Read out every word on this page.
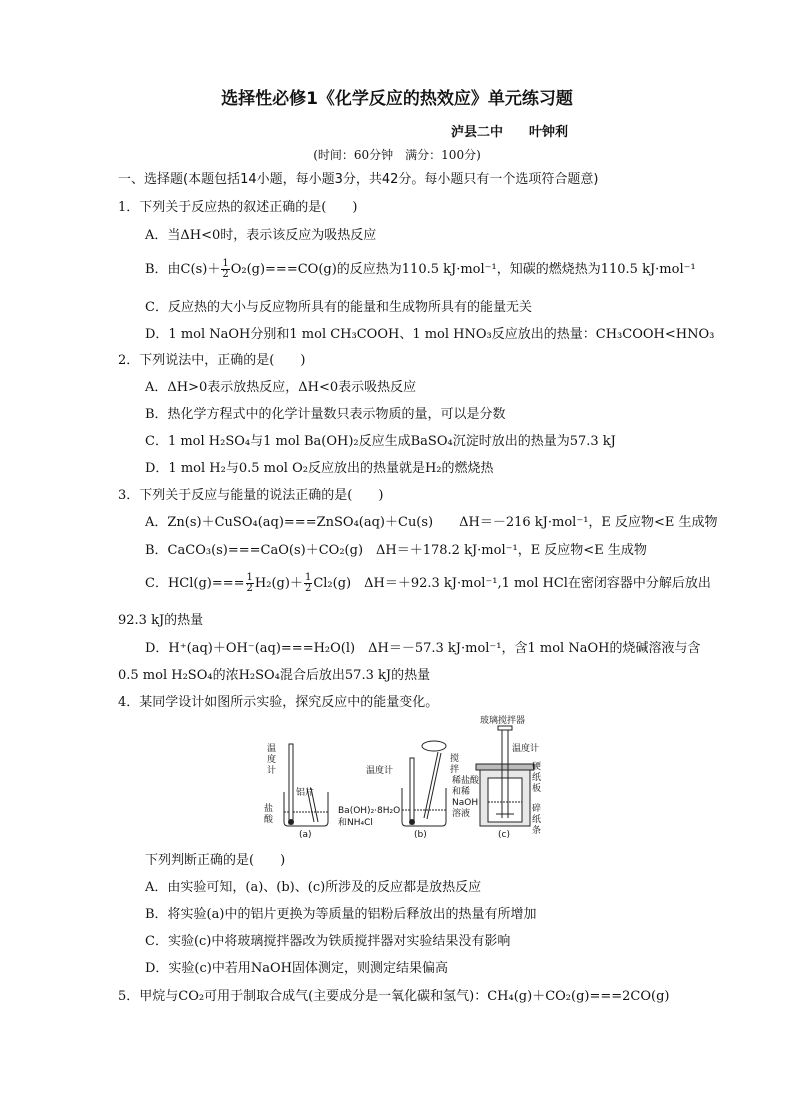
选择性必修1《化学反应的热效应》单元练习题
泸县二中　　叶钟利
(时间：60分钟　满分：100分)
一、选择题(本题包括14小题，每小题3分，共42分。每小题只有一个选项符合题意)
1．下列关于反应热的叙述正确的是(　　)
A．当ΔH<0时，表示该反应为吸热反应
B．由$C(s)+ \frac{1}{2} O_2(g)===CO(g)$的反应热为110.5 kJ·mol⁻¹，知碳的燃烧热为110.5 kJ·mol⁻¹
C．反应热的大小与反应物所具有的能量和生成物所具有的能量无关
D．1 mol NaOH分别和1 mol CH₃COOH、1 mol HNO₃反应放出的热量：CH₃COOH<HNO₃
2．下列说法中，正确的是(　　)
A．ΔH>0表示放热反应，ΔH<0表示吸热反应
B．热化学方程式中的化学计量数只表示物质的量，可以是分数
C．1 mol H₂SO₄与1 mol Ba(OH)₂反应生成BaSO₄沉淀时放出的热量为57.3 kJ
D．1 mol H₂与0.5 mol O₂反应放出的热量就是H₂的燃烧热
3．下列关于反应与能量的说法正确的是(　　)
A．Zn(s)＋CuSO₄(aq)===ZnSO₄(aq)＋Cu(s)　　ΔH＝－216 kJ·mol⁻¹，E 反应物<E 生成物
B．CaCO₃(s)===CaO(s)＋CO₂(g)　ΔH＝＋178.2 kJ·mol⁻¹，E 反应物<E 生成物
C．$HCl(g)=== \frac{1}{2} H_2(g)+ \frac{1}{2} Cl_2(g)$　ΔH＝＋92.3 kJ·mol⁻¹,1 mol HCl在密闭容器中分解后放出
92.3 kJ的热量
D．H⁺(aq)＋OH⁻(aq)===H₂O(l)　ΔH＝－57.3 kJ·mol⁻¹，含1 mol NaOH的烧碱溶液与含
0.5 mol H₂SO₄的浓H₂SO₄混合后放出57.3 kJ的热量
4．某同学设计如图所示实验，探究反应中的能量变化。
温度计
铝片
盐酸
(a)
温度计
搅拌
Ba(OH)₂·8H₂O
和NH₄Cl
(b)
玻璃搅拌器
温度计
硬纸板
稀盐酸和稀NaOH溶液	碎纸条
(c)
下列判断正确的是(　　)
A．由实验可知，(a)、(b)、(c)所涉及的反应都是放热反应
B．将实验(a)中的铝片更换为等质量的铝粉后释放出的热量有所增加
C．实验(c)中将玻璃搅拌器改为铁质搅拌器对实验结果没有影响
D．实验(c)中若用NaOH固体测定，则测定结果偏高
5．甲烷与CO₂可用于制取合成气(主要成分是一氧化碳和氢气)：CH₄(g)＋CO₂(g)===2CO(g)
